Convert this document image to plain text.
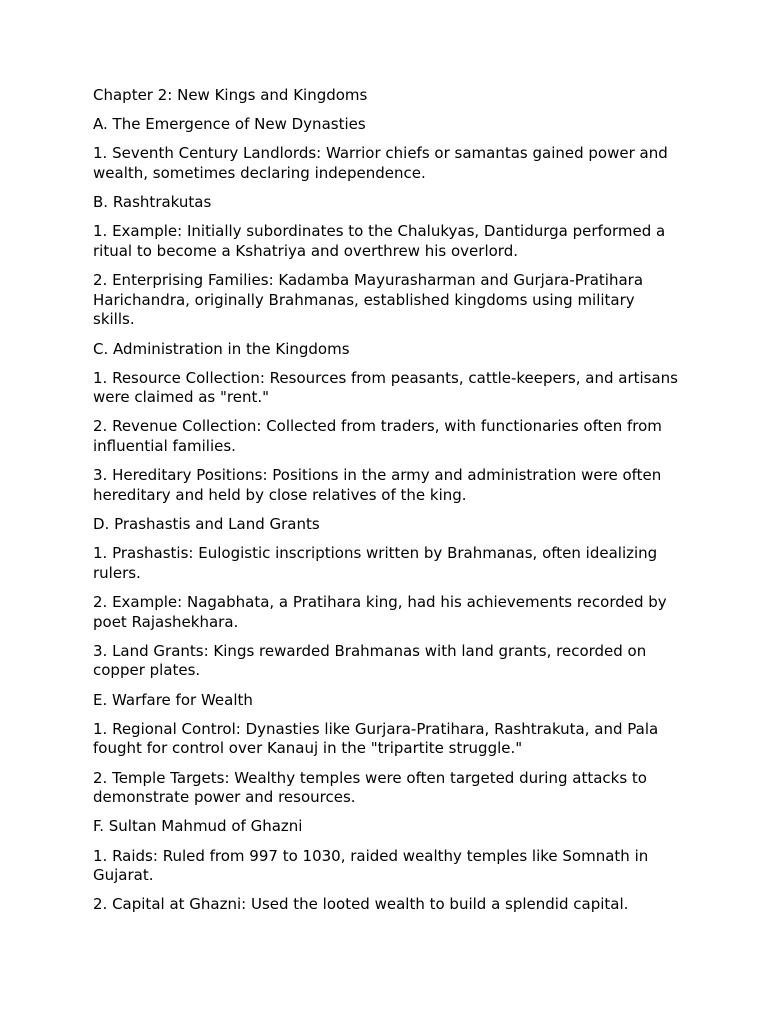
Chapter 2: New Kings and Kingdoms

A. The Emergence of New Dynasties

1. Seventh Century Landlords: Warrior chiefs or samantas gained power and wealth, sometimes declaring independence.

B. Rashtrakutas

1. Example: Initially subordinates to the Chalukyas, Dantidurga performed a ritual to become a Kshatriya and overthrew his overlord.

2. Enterprising Families: Kadamba Mayurasharman and Gurjara-Pratihara Harichandra, originally Brahmanas, established kingdoms using military skills.

C. Administration in the Kingdoms

1. Resource Collection: Resources from peasants, cattle-keepers, and artisans were claimed as "rent."

2. Revenue Collection: Collected from traders, with functionaries often from influential families.

3. Hereditary Positions: Positions in the army and administration were often hereditary and held by close relatives of the king.

D. Prashastis and Land Grants

1. Prashastis: Eulogistic inscriptions written by Brahmanas, often idealizing rulers.

2. Example: Nagabhata, a Pratihara king, had his achievements recorded by poet Rajashekhara.

3. Land Grants: Kings rewarded Brahmanas with land grants, recorded on copper plates.

E. Warfare for Wealth

1. Regional Control: Dynasties like Gurjara-Pratihara, Rashtrakuta, and Pala fought for control over Kanauj in the "tripartite struggle."

2. Temple Targets: Wealthy temples were often targeted during attacks to demonstrate power and resources.

F. Sultan Mahmud of Ghazni

1. Raids: Ruled from 997 to 1030, raided wealthy temples like Somnath in Gujarat.

2. Capital at Ghazni: Used the looted wealth to build a splendid capital.
